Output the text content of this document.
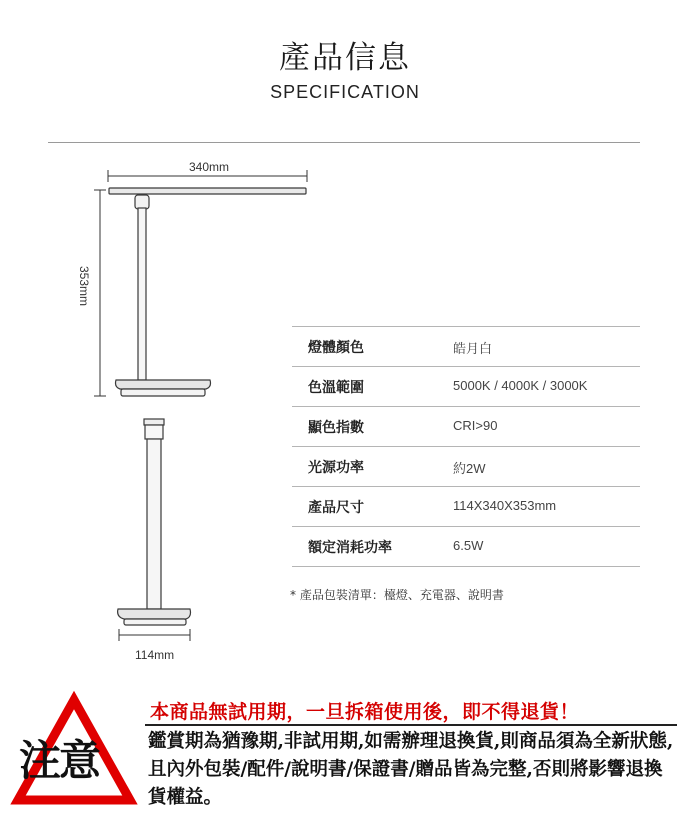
產品信息
SPECIFICATION
340mm
353mm
114mm
燈體顏色	皓月白
色溫範圍	5000K / 4000K / 3000K
顯色指數	CRI>90
光源功率	約2W
產品尺寸	114X340X353mm
額定消耗功率	6.5W
* 產品包裝清單：檯燈、充電器、說明書
注意
本商品無試用期，一旦拆箱使用後，即不得退貨！
鑑賞期為猶豫期,非試用期,如需辦理退換貨,則商品須為全新狀態,且內外包裝/配件/說明書/保證書/贈品皆為完整,否則將影響退換貨權益。
